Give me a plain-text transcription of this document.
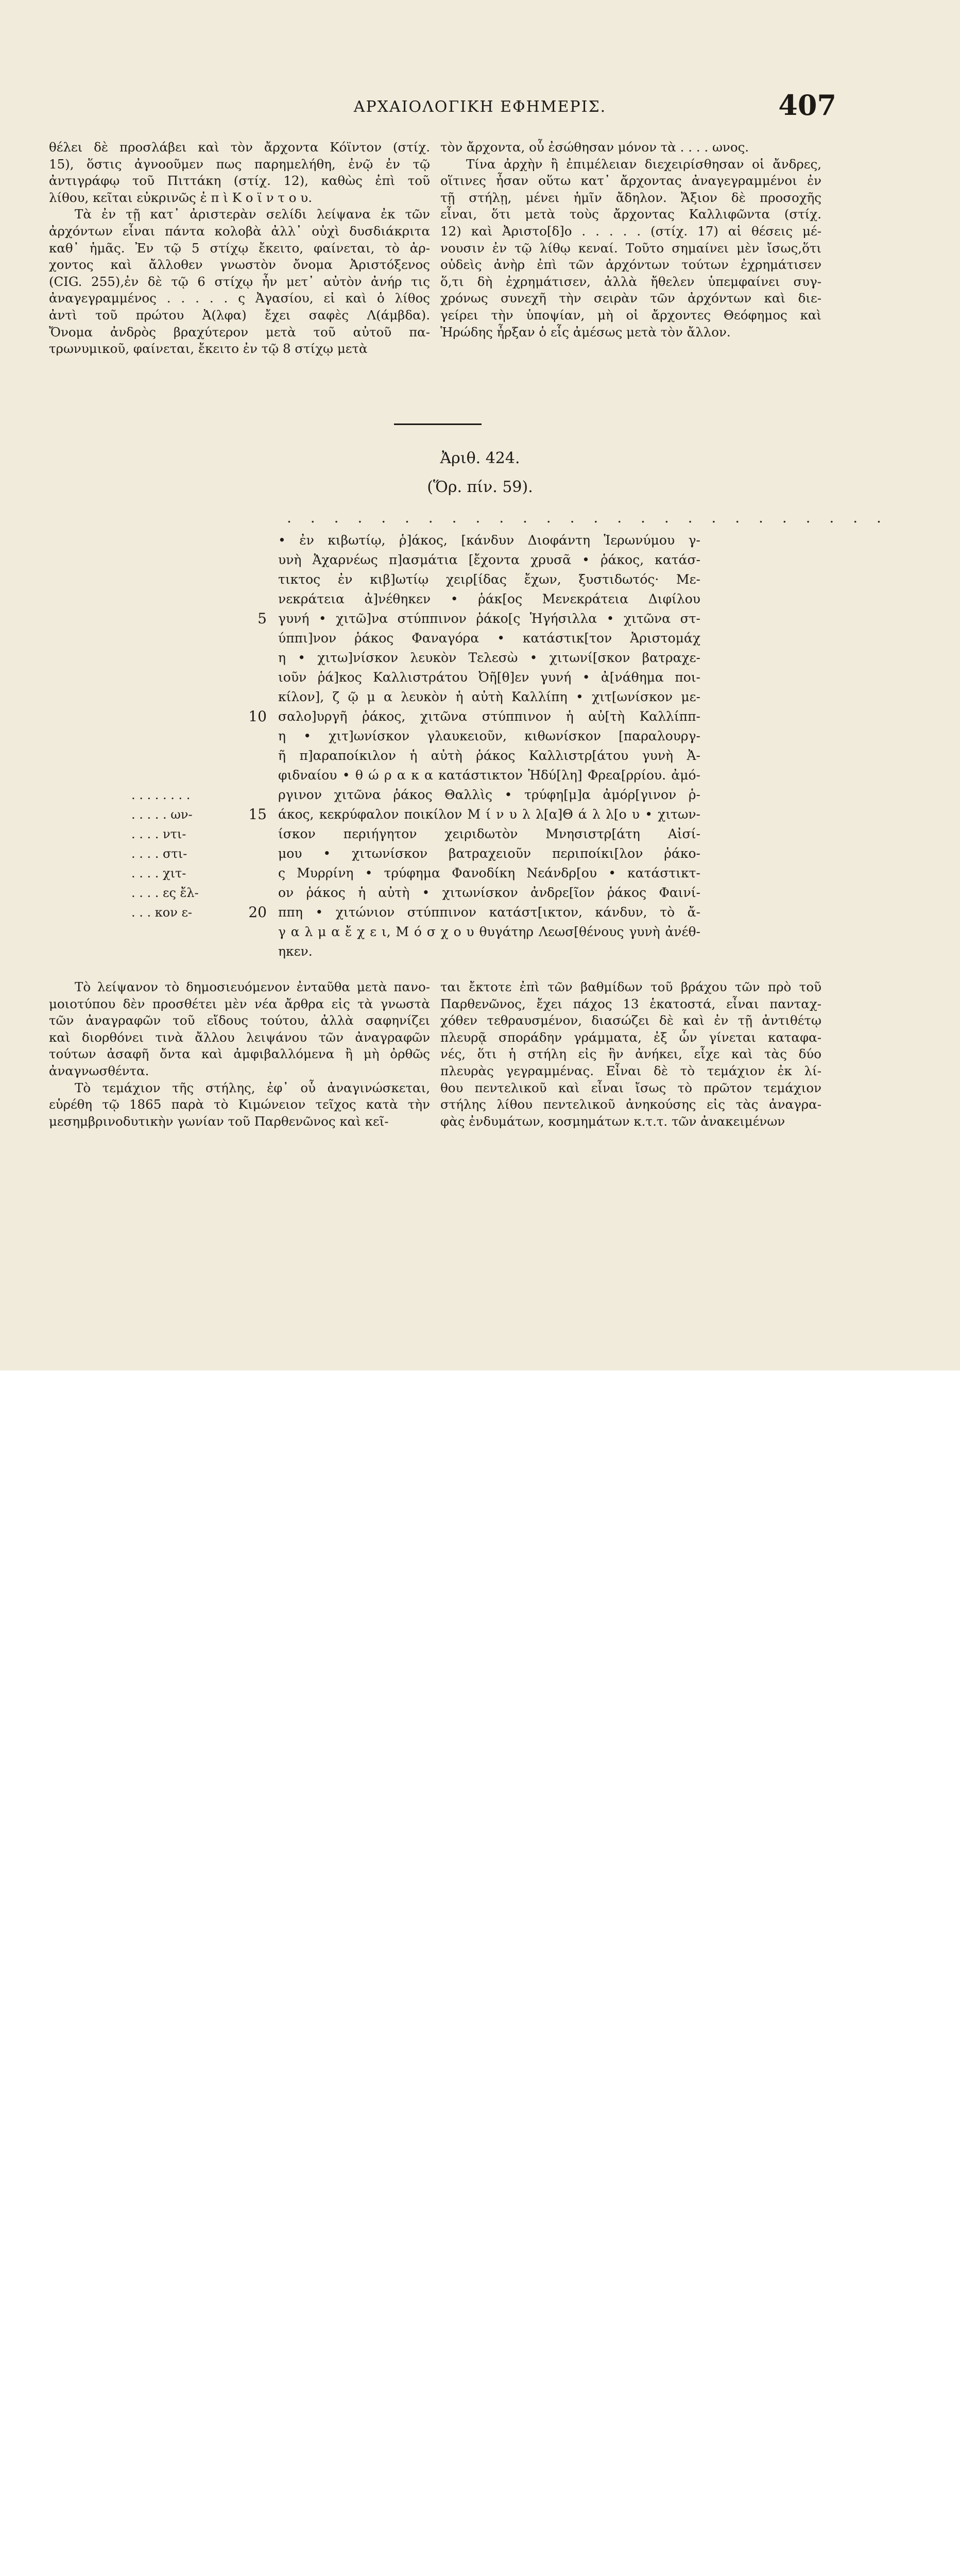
ΑΡΧΑΙΟΛΟΓΙΚΗ ΕΦΗΜΕΡΙΣ.	407
θέλει δὲ προσλάβει καὶ τὸν ἄρχοντα Κόϊντον (στίχ.
15), ὅστις ἀγνοοῦμεν πως παρημελήθη, ἐνῷ ἐν τῷ
ἀντιγράφῳ τοῦ Πιττάκη (στίχ. 12), καθὼς ἐπὶ τοῦ
λίθου, κεῖται εὐκρινῶς ἐ π ὶ Κ ο ϊ ν τ ο υ.
Τὰ ἐν τῇ κατ᾽ ἀριστερὰν σελίδι λείψανα ἐκ τῶν
ἀρχόντων εἶναι πάντα κολοβὰ ἀλλ᾽ οὐχὶ δυσδιάκριτα
καθ᾽ ἡμᾶς. Ἐν τῷ 5 στίχῳ ἔκειτο, φαίνεται, τὸ ἀρ-
χοντος καὶ ἄλλοθεν γνωστὸν ὄνομα Ἀριστόξενος
(CIG. 255),ἐν δὲ τῷ 6 στίχῳ ἦν μετ᾽ αὐτὸν ἀνήρ τις
ἀναγεγραμμένος . . . . . ς Ἀγασίου, εἰ καὶ ὁ λίθος
ἀντὶ τοῦ πρώτου Ἀ(λφα) ἔχει σαφὲς Λ(άμβδα).
Ὄνομα ἀνδρὸς βραχύτερον μετὰ τοῦ αὐτοῦ πα-
τρωνυμικοῦ, φαίνεται, ἔκειτο ἐν τῷ 8 στίχῳ μετὰ
τὸν ἄρχοντα, οὗ ἐσώθησαν μόνον τὰ . . . . ωνος.
Τίνα ἀρχὴν ἢ ἐπιμέλειαν διεχειρίσθησαν οἱ ἄνδρες,
οἵτινες ἦσαν οὕτω κατ᾽ ἄρχοντας ἀναγεγραμμένοι ἐν
τῇ στήλῃ, μένει ἡμῖν ἄδηλον. Ἄξιον δὲ προσοχῆς
εἶναι, ὅτι μετὰ τοὺς ἄρχοντας Καλλιφῶντα (στίχ.
12) καὶ Ἀριστο[δ]ο . . . . . (στίχ. 17) αἱ θέσεις μέ-
νουσιν ἐν τῷ λίθῳ κεναί. Τοῦτο σημαίνει μὲν ἴσως,ὅτι
οὐδεὶς ἀνὴρ ἐπὶ τῶν ἀρχόντων τούτων ἐχρημάτισεν
ὅ,τι δὴ ἐχρημάτισεν, ἀλλὰ ἤθελεν ὑπεμφαίνει συγ-
χρόνως συνεχῆ τὴν σειρὰν τῶν ἀρχόντων καὶ διε-
γείρει τὴν ὑποψίαν, μὴ οἱ ἄρχοντες Θεόφημος καὶ
Ἡρώδης ἦρξαν ὁ εἷς ἀμέσως μετὰ τὸν ἄλλον.
Ἀριθ. 424.
(Ὅρ. πίν. 59).
. . . . . . . . . . . . . . . . . . . . . . . . . .
• ἐν κιβωτίῳ, ῥ]άκος, [κάνδυν Διοφάντη Ἱερωνύμου γ-
υνὴ Ἀχαρνέως π]ασμάτια [ἔχοντα χρυσᾶ • ῥάκος, κατάσ-
τικτος ἐν κιβ]ωτίῳ χειρ[ίδας ἔχων, ξυστιδωτός· Με-
νεκράτεια ἀ]νέθηκεν • ῥάκ[ος Μενεκράτεια Διφίλου
γυνή • χιτῶ]να στύππινον ῥάκο[ς Ἡγήσιλλα • χιτῶνα στ-
ύππι]νον ῥάκος Φαναγόρα • κατάστικ[τον Ἀριστομάχ
η • χιτω]νίσκον λευκὸν Τελεσὼ • χιτωνί[σκον βατραχε-
ιοῦν ῥά]κος Καλλιστράτου Ὀῆ[θ]εν γυνή • ἀ[νάθημα ποι-
κίλον], ζ ῷ μ α λευκὸν ἡ αὐτὴ Καλλίπη • χιτ[ωνίσκον με-
σαλο]υργῆ ῥάκος, χιτῶνα στύππινον ἡ αὐ[τὴ Καλλίππ-
η • χιτ]ωνίσκον γλαυκειοῦν, κιθωνίσκον [παραλουργ-
ῆ π]αραποίκιλον ἡ αὐτὴ ῥάκος Καλλιστρ[άτου γυνὴ Ἀ-
φιδναίου • θ ώ ρ α κ α κατάστικτον Ἡδύ[λη] Φρεα[ρρίου. ἀμό-
ργινον χιτῶνα ῥάκος Θαλλὶς • τρύφη[μ]α ἀμόρ[γινον ῥ-
άκος, κεκρύφαλον ποικίλον Μ ί ν υ λ λ[α]Θ ά λ λ[ο υ • χιτων-
ίσκον περιήγητον χειριδωτὸν Μνησιστρ[άτη Αἰσί-
μου • χιτωνίσκον βατραχειοῦν περιποίκι[λον ῥάκο-
ς Μυρρίνη • τρύφημα Φανοδίκη Νεάνδρ[ου • κατάστικτ-
ον ῥάκος ἡ αὐτὴ • χιτωνίσκον ἀνδρε[ῖον ῥάκος Φαινί-
ππη • χιτώνιον στύππινον κατάστ[ικτον, κάνδυν, τὸ ἄ-
γ α λ μ α ἔ χ ε ι, Μ ό σ χ ο υ θυγάτηρ Λεωσ[θένους γυνὴ ἀνέθ-
ηκεν.
5
10
15
20
. . . . . . . .
. . . . . ων-
. . . . ντι-
. . . . στι-
. . . . χιτ-
. . . . ες ἔλ-
. . . κον ε-
Τὸ λείψανον τὸ δημοσιευόμενον ἐνταῦθα μετὰ πανο-
μοιοτύπου δὲν προσθέτει μὲν νέα ἄρθρα εἰς τὰ γνωστὰ
τῶν ἀναγραφῶν τοῦ εἴδους τούτου, ἀλλὰ σαφηνίζει
καὶ διορθόνει τινὰ ἄλλου λειψάνου τῶν ἀναγραφῶν
τούτων ἀσαφῆ ὄντα καὶ ἀμφιβαλλόμενα ἢ μὴ ὀρθῶς
ἀναγνωσθέντα.
Τὸ τεμάχιον τῆς στήλης, ἐφ᾽ οὗ ἀναγινώσκεται,
εὑρέθη τῷ 1865 παρὰ τὸ Κιμώνειον τεῖχος κατὰ τὴν
μεσημβρινοδυτικὴν γωνίαν τοῦ Παρθενῶνος καὶ κεῖ-
ται ἔκτοτε ἐπὶ τῶν βαθμίδων τοῦ βράχου τῶν πρὸ τοῦ
Παρθενῶνος, ἔχει πάχος 13 ἑκατοστά, εἶναι πανταχ-
χόθεν τεθραυσμένον, διασώζει δὲ καὶ ἐν τῇ ἀντιθέτῳ
πλευρᾷ σποράδην γράμματα, ἐξ ὧν γίνεται καταφα-
νές, ὅτι ἡ στήλη εἰς ἣν ἀνήκει, εἶχε καὶ τὰς δύο
πλευρὰς γεγραμμένας. Εἶναι δὲ τὸ τεμάχιον ἐκ λί-
θου πεντελικοῦ καὶ εἶναι ἴσως τὸ πρῶτον τεμάχιον
στήλης λίθου πεντελικοῦ ἀνηκούσης εἰς τὰς ἀναγρα-
φὰς ἐνδυμάτων, κοσμημάτων κ.τ.τ. τῶν ἀνακειμένων
